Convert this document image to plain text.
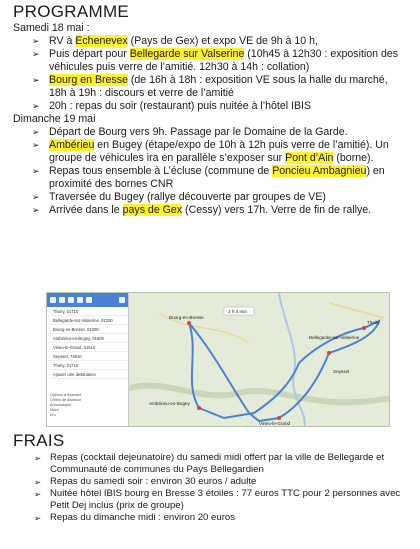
PROGRAMME
Samedi 18 mai :
➢ RV à Echenevex (Pays de Gex) et expo VE de 9h à 10 h,
➢ Puis départ pour Bellegarde sur Valserine (10h45 à 12h30 : exposition des véhicules puis verre de l’amitié. 12h30 à 14h : collation)
➢ Bourg en Bresse (de 16h à 18h : exposition VE sous la halle du marché, 18h à 19h : discours et verre de l’amitié
➢ 20h : repas du soir (restaurant) puis nuitée à l’hôtel IBIS
Dimanche 19 mai
➢ Départ de Bourg vers 9h. Passage par le Domaine de la Garde.
➢ Ambérieu en Bugey (étape/expo de 10h à 12h puis verre de l’amitié). Un groupe de véhicules ira en parallèle s’exposer sur Pont d’Ain (borne).
➢ Repas tous ensemble à L’écluse (commune de Poncieu Ambagnieu) en proximité des bornes CNR
➢ Traversée du Bugey (rallye découverte par groupes de VE)
➢ Arrivée dans le pays de Gex (Cessy) vers 17h. Verre de fin de rallye.
FRAIS
➢ Repas (cocktail dejeunatoire) du samedi midi offert par la ville de Bellegarde et Communauté de communes du Pays Bellegardien
➢ Repas du samedi soir : environ 30 euros / adulte
➢ Nuitée hôtel IBIS bourg en Bresse 3 étoiles : 77 euros TTC pour 2 personnes avec Petit Dej inclus (prix de groupe)
➢ Repas du dimanche midi : environ 20 euros
Thoiry, 01710
Bellegarde-sur-Valserine, 01200
Bourg-en-Bresse, 01000
Ambérieu-en-Bugey, 01500
Virieu-le-Grand, 01510
Seyssel, 74910
Thoiry, 01710
Ajouter une destination
Options d'itinéraire
Unités de distance
Automatique
Miles
Km
2 h 4 min
Bourg-en-Bresse
Bellegarde-sur-Valserine
Ambérieu-en-Bugey
Virieu-le-Grand
Seyssel
Thoiry
